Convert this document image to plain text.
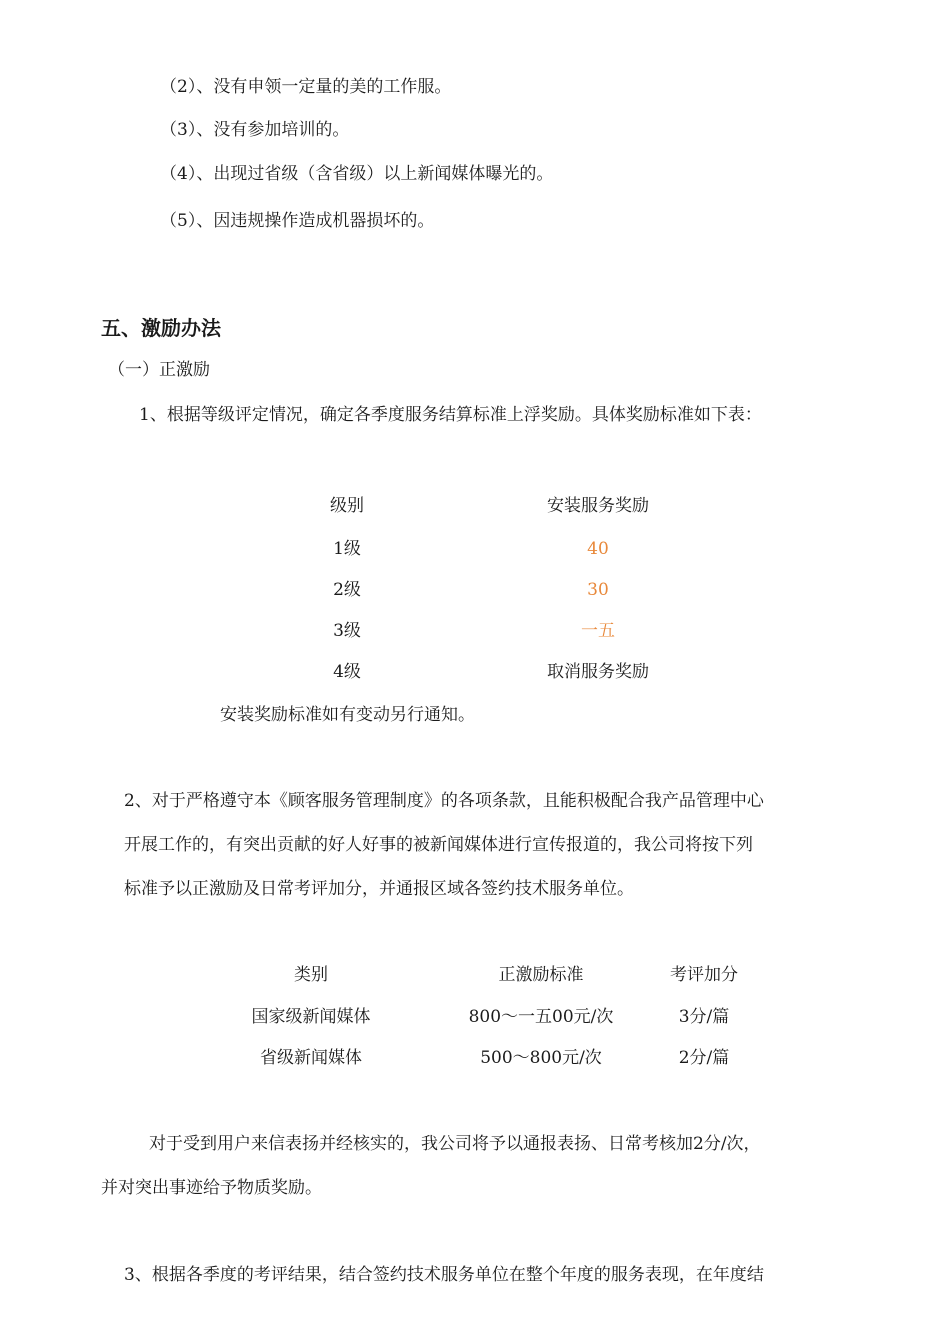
（2）、没有申领一定量的美的工作服。
（3）、没有参加培训的。
（4）、出现过省级（含省级）以上新闻媒体曝光的。
（5）、因违规操作造成机器损坏的。
五、激励办法
（一）正激励
1、根据等级评定情况，确定各季度服务结算标准上浮奖励。具体奖励标准如下表：
级别	安装服务奖励
1级	40
2级	30
3级	一五
4级	取消服务奖励
安装奖励标准如有变动另行通知。
2、对于严格遵守本《顾客服务管理制度》的各项条款，且能积极配合我产品管理中心
开展工作的，有突出贡献的好人好事的被新闻媒体进行宣传报道的，我公司将按下列
标准予以正激励及日常考评加分，并通报区域各签约技术服务单位。
类别	正激励标准	考评加分
国家级新闻媒体	800～一五00元/次	3分/篇
省级新闻媒体	500～800元/次	2分/篇
对于受到用户来信表扬并经核实的，我公司将予以通报表扬、日常考核加2分/次，
并对突出事迹给予物质奖励。
3、根据各季度的考评结果，结合签约技术服务单位在整个年度的服务表现，在年度结
